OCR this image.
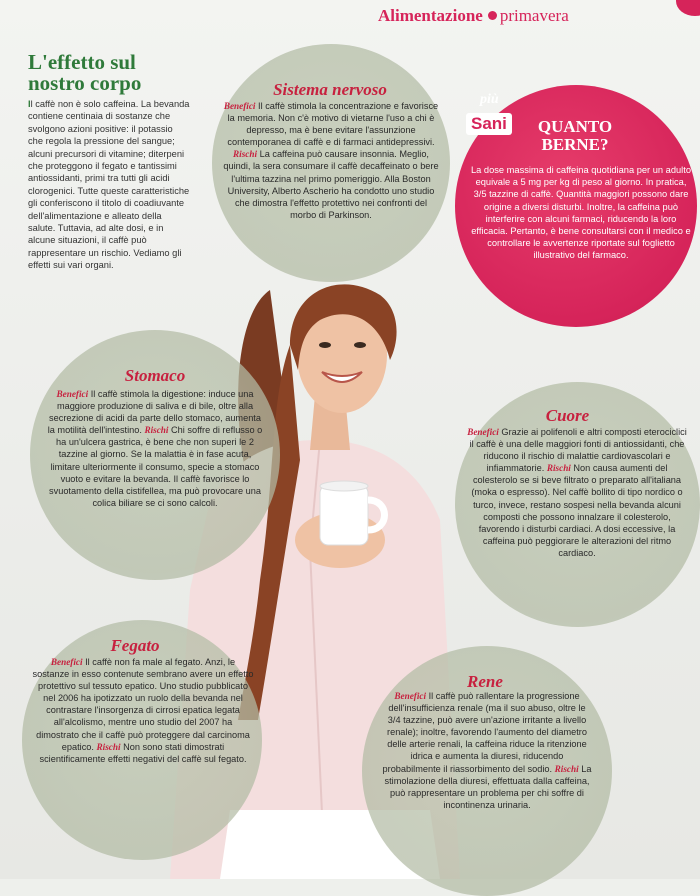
Alimentazione primavera
L'effetto sul
nostro corpo
Il caffè non è solo caffeina. La bevanda contiene centinaia di sostanze che svolgono azioni positive: il potassio che regola la pressione del sangue; alcuni precursori di vitamine; diterpeni che proteggono il fegato e tantissimi antiossidanti, primi tra tutti gli acidi clorogenici. Tutte queste caratteristiche gli conferiscono il titolo di coadiuvante dell'alimentazione e alleato della salute. Tuttavia, ad alte dosi, e in alcune situazioni, il caffè può rappresentare un rischio. Vediamo gli effetti sui vari organi.
Sistema nervoso
Benefici Il caffè stimola la concentrazione e favorisce la memoria. Non c'è motivo di vietarne l'uso a chi è depresso, ma è bene evitare l'assunzione contemporanea di caffè e di farmaci antidepressivi. Rischi La caffeina può causare insonnia. Meglio, quindi, la sera consumare il caffè decaffeinato o bere l'ultima tazzina nel primo pomeriggio. Alla Boston University, Alberto Ascherio ha condotto uno studio che dimostra l'effetto protettivo nei confronti del morbo di Parkinson.
più
Sani	QUANTO BERNE?
La dose massima di caffeina quotidiana per un adulto equivale a 5 mg per kg di peso al giorno. In pratica, 3/5 tazzine di caffè. Quantità maggiori possono dare origine a diversi disturbi. Inoltre, la caffeina può interferire con alcuni farmaci, riducendo la loro efficacia. Pertanto, è bene consultarsi con il medico e controllare le avvertenze riportate sul foglietto illustrativo del farmaco.
Stomaco
Benefici Il caffè stimola la digestione: induce una maggiore produzione di saliva e di bile, oltre alla secrezione di acidi da parte dello stomaco, aumenta la motilità dell'intestino. Rischi Chi soffre di reflusso o ha un'ulcera gastrica, è bene che non superi le 2 tazzine al giorno. Se la malattia è in fase acuta, limitare ulteriormente il consumo, specie a stomaco vuoto e evitare la bevanda. Il caffè favorisce lo svuotamento della cistifellea, ma può provocare una colica biliare se ci sono calcoli.
Cuore
Benefici Grazie ai polifenoli e altri composti eterociclici il caffè è una delle maggiori fonti di antiossidanti, che riducono il rischio di malattie cardiovascolari e infiammatorie. Rischi Non causa aumenti del colesterolo se si beve filtrato o preparato all'italiana (moka o espresso). Nel caffè bollito di tipo nordico o turco, invece, restano sospesi nella bevanda alcuni composti che possono innalzare il colesterolo, favorendo i disturbi cardiaci. A dosi eccessive, la caffeina può peggiorare le alterazioni del ritmo cardiaco.
Fegato
Benefici Il caffè non fa male al fegato. Anzi, le sostanze in esso contenute sembrano avere un effetto protettivo sul tessuto epatico. Uno studio pubblicato nel 2006 ha ipotizzato un ruolo della bevanda nel contrastare l'insorgenza di cirrosi epatica legata all'alcolismo, mentre uno studio del 2007 ha dimostrato che il caffè può proteggere dal carcinoma epatico. Rischi Non sono stati dimostrati scientificamente effetti negativi del caffè sul fegato.
Rene
Benefici Il caffè può rallentare la progressione dell'insufficienza renale (ma il suo abuso, oltre le 3/4 tazzine, può avere un'azione irritante a livello renale); inoltre, favorendo l'aumento del diametro delle arterie renali, la caffeina riduce la ritenzione idrica e aumenta la diuresi, riducendo probabilmente il riassorbimento del sodio. Rischi La stimolazione della diuresi, effettuata dalla caffeina, può rappresentare un problema per chi soffre di incontinenza urinaria.
